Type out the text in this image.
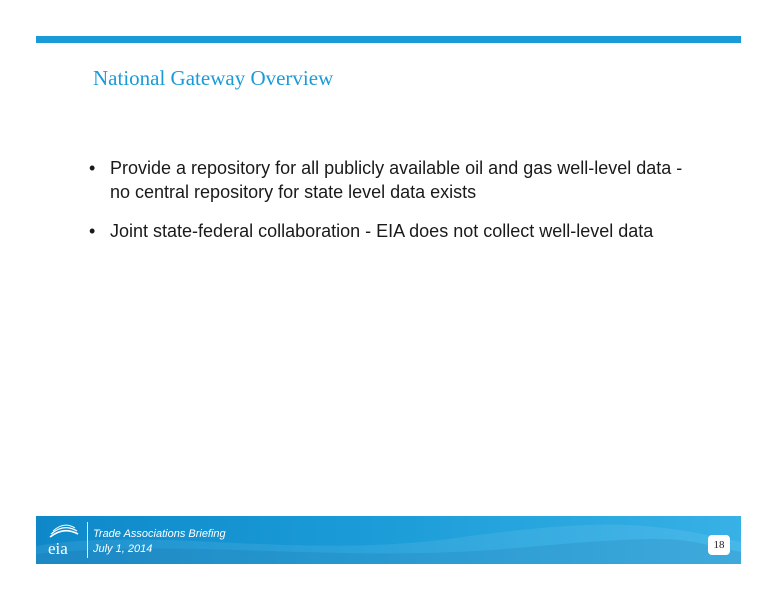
National Gateway Overview
• Provide a repository for all publicly available oil and gas well-level data - no central repository for state level data exists
• Joint state-federal collaboration - EIA does not collect well-level data
eia
Trade Associations Briefing
July 1, 2014	18
